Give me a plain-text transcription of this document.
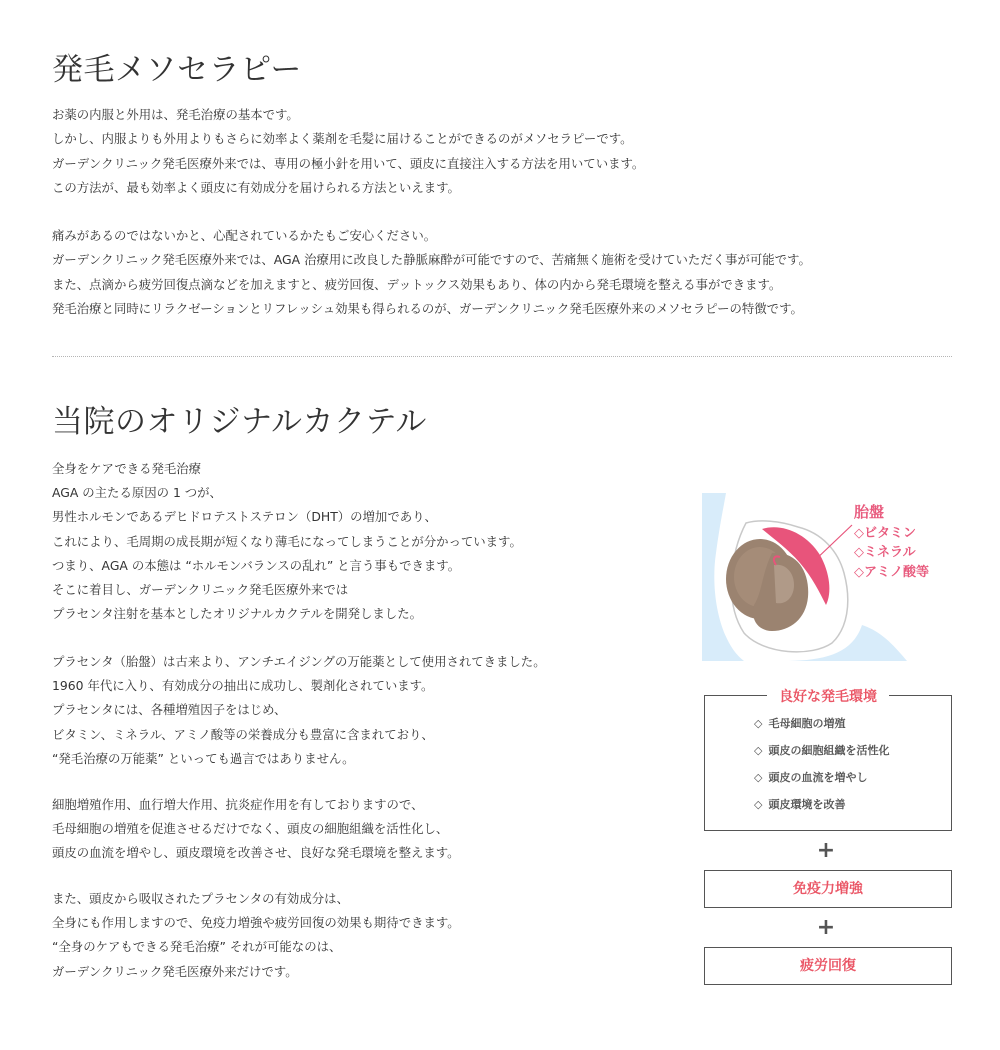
発毛メソセラピー
お薬の内服と外用は、発毛治療の基本です。
しかし、内服よりも外用よりもさらに効率よく薬剤を毛髪に届けることができるのがメソセラピーです。
ガーデンクリニック発毛医療外来では、専用の極小針を用いて、頭皮に直接注入する方法を用いています。
この方法が、最も効率よく頭皮に有効成分を届けられる方法といえます。
痛みがあるのではないかと、心配されているかたもご安心ください。
ガーデンクリニック発毛医療外来では、AGA 治療用に改良した静脈麻酔が可能ですので、苦痛無く施術を受けていただく事が可能です。
また、点滴から疲労回復点滴などを加えますと、疲労回復、デットックス効果もあり、体の内から発毛環境を整える事ができます。
発毛治療と同時にリラクゼーションとリフレッシュ効果も得られるのが、ガーデンクリニック発毛医療外来のメソセラピーの特徴です。
当院のオリジナルカクテル
全身をケアできる発毛治療
AGA の主たる原因の 1 つが、
男性ホルモンであるデヒドロテストステロン（DHT）の増加であり、
これにより、毛周期の成長期が短くなり薄毛になってしまうことが分かっています。
つまり、AGA の本態は “ホルモンバランスの乱れ” と言う事もできます。
そこに着目し、ガーデンクリニック発毛医療外来では
プラセンタ注射を基本としたオリジナルカクテルを開発しました。
プラセンタ（胎盤）は古来より、アンチエイジングの万能薬として使用されてきました。
1960 年代に入り、有効成分の抽出に成功し、製剤化されています。
プラセンタには、各種増殖因子をはじめ、
ビタミン、ミネラル、アミノ酸等の栄養成分も豊富に含まれており、
“発毛治療の万能薬” といっても過言ではありません。
細胞増殖作用、血行増大作用、抗炎症作用を有しておりますので、
毛母細胞の増殖を促進させるだけでなく、頭皮の細胞組織を活性化し、
頭皮の血流を増やし、頭皮環境を改善させ、良好な発毛環境を整えます。
また、頭皮から吸収されたプラセンタの有効成分は、
全身にも作用しますので、免疫力増強や疲労回復の効果も期待できます。
“全身のケアもできる発毛治療” それが可能なのは、
ガーデンクリニック発毛医療外来だけです。
胎盤
◇ビタミン
◇ミネラル
◇アミノ酸等
良好な発毛環境
◇ 毛母細胞の増殖
◇ 頭皮の細胞組織を活性化
◇ 頭皮の血流を増やし
◇ 頭皮環境を改善
+
免疫力増強
+
疲労回復
